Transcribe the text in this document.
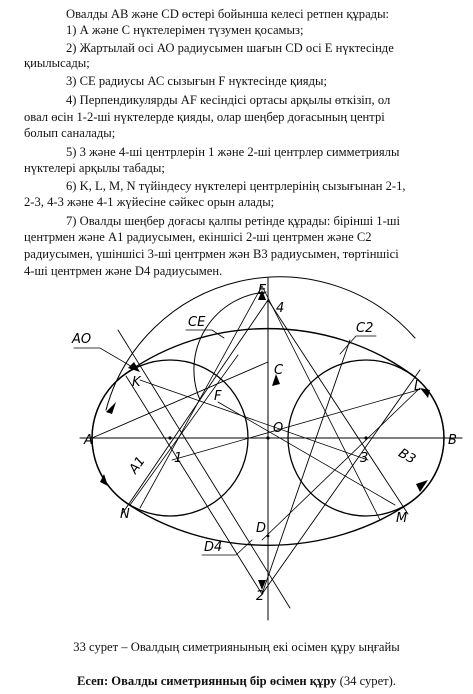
Овалды АВ және CD өстері бойынша келесі ретпен құрады:
1) А және С нүктелерімен түзумен қосамыз;
2) Жартылай осі АО радиусымен шағын CD осі Е нүктесінде
қиылысады;
3) СЕ радиусы АС сызығын F нүктесінде қияды;
4) Перпендикулярды AF кесіндісі ортасы арқылы өткізіп, ол
овал өсін 1-2-ші нүктелерде қияды, олар шеңбер доғасының центрі
болып саналады;
5) 3 және 4-ші центрлерін 1 және 2-ші центрлер симметриялы
нүктелері арқылы табады;
6) K, L, M, N түйіндесу нүктелері центрлерінің сызығынан 2-1,
2-3, 4-3 және 4-1 жүйесіне сәйкес орын алады;
7) Овалды шеңбер доғасы қалпы ретінде құрады: бірінші 1-ші
центрмен және А1 радиусымен, екіншісі 2-ші центрмен және С2
радиусымен, үшіншісі 3-ші центрмен жән В3 радиусымен, төртіншісі
4-ші центрмен және D4 радиусымен.
E
4
C
K
F
L
A
O
B
1	3
N	M
D
2
AO
CE	C2
A1	B3
D4
33 сурет – Овалдың симетриянының екі осімен құру ыңғайы
Есеп: Овалды симетриянның бір өсімен құру (34 сурет).
